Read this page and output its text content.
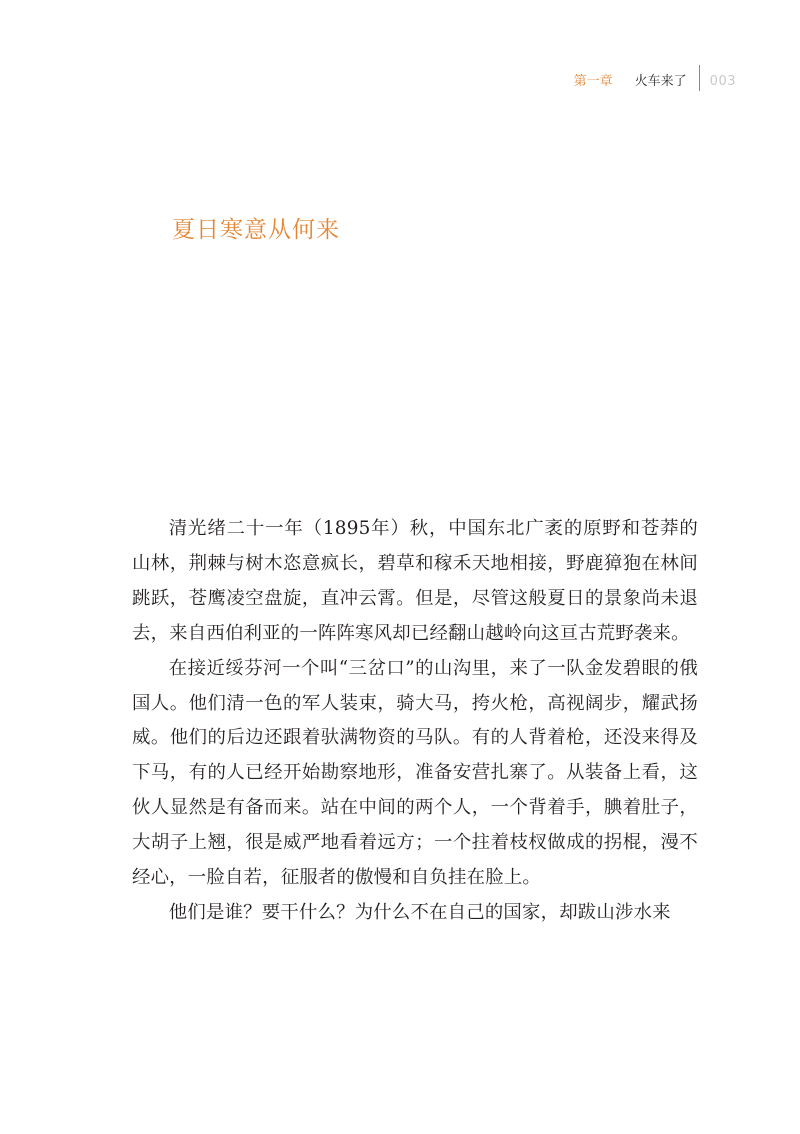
第一章 火车来了 003
夏日寒意从何来

清光绪二十一年（1895年）秋，中国东北广袤的原野和苍莽的山林，荆棘与树木恣意疯长，碧草和稼禾天地相接，野鹿獐狍在林间跳跃，苍鹰凌空盘旋，直冲云霄。但是，尽管这般夏日的景象尚未退去，来自西伯利亚的一阵阵寒风却已经翻山越岭向这亘古荒野袭来。

在接近绥芬河一个叫“三岔口”的山沟里，来了一队金发碧眼的俄国人。他们清一色的军人装束，骑大马，挎火枪，高视阔步，耀武扬威。他们的后边还跟着驮满物资的马队。有的人背着枪，还没来得及下马，有的人已经开始勘察地形，准备安营扎寨了。从装备上看，这伙人显然是有备而来。站在中间的两个人，一个背着手，腆着肚子，大胡子上翘，很是威严地看着远方；一个拄着枝杈做成的拐棍，漫不经心，一脸自若，征服者的傲慢和自负挂在脸上。

他们是谁？要干什么？为什么不在自己的国家，却跋山涉水来
